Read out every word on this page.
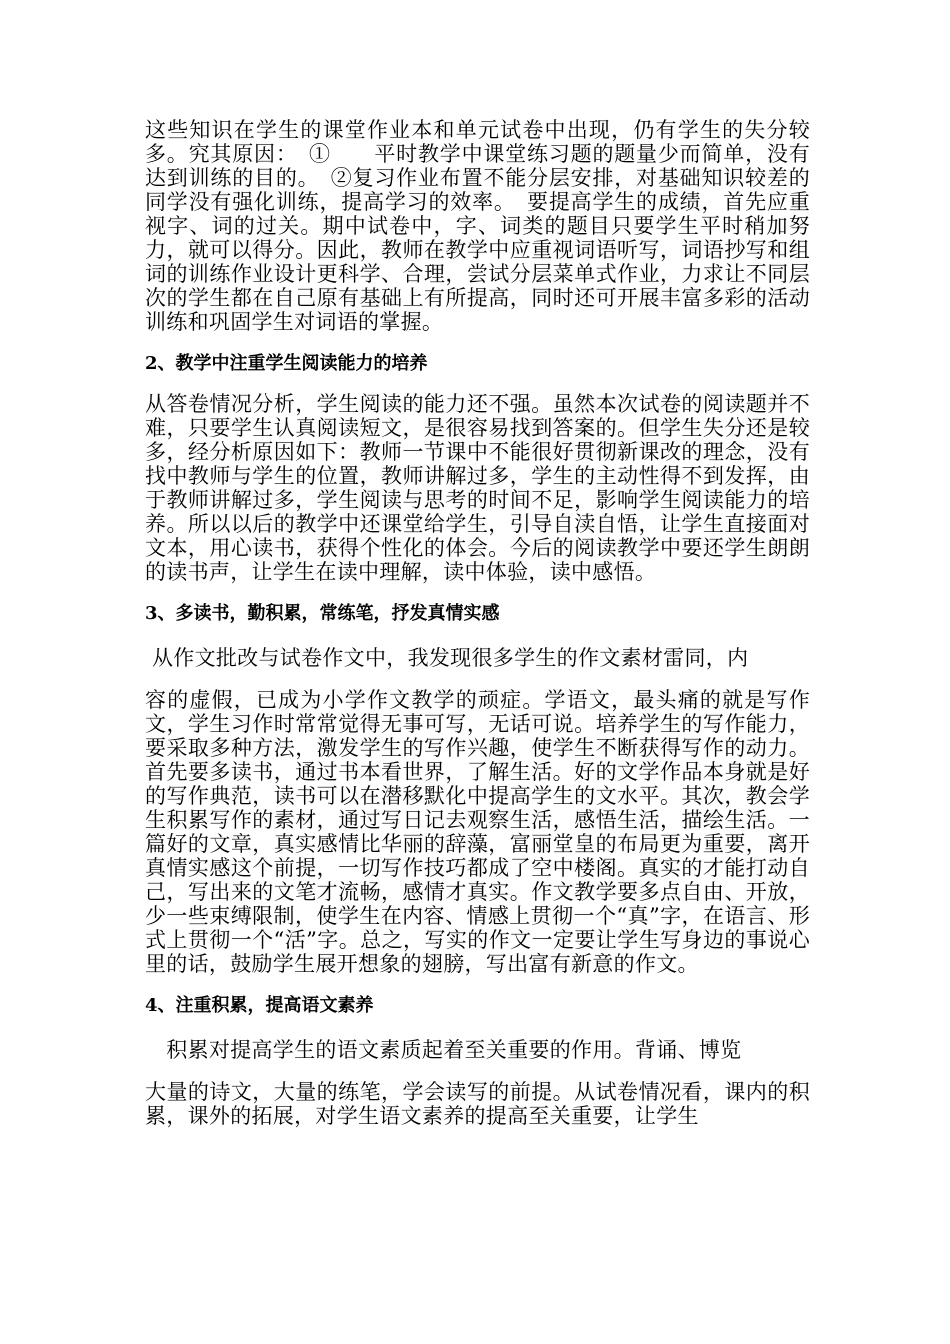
这些知识在学生的课堂作业本和单元试卷中出现，仍有学生的失分较多。究其原因：　①　　平时教学中课堂练习题的题量少而简单，没有达到训练的目的。　②复习作业布置不能分层安排，对基础知识较差的同学没有强化训练，提高学习的效率。　要提高学生的成绩，首先应重视字、词的过关。期中试卷中，字、词类的题目只要学生平时稍加努力，就可以得分。因此，教师在教学中应重视词语听写，词语抄写和组词的训练作业设计更科学、合理，尝试分层菜单式作业，力求让不同层次的学生都在自己原有基础上有所提高，同时还可开展丰富多彩的活动训练和巩固学生对词语的掌握。

2、教学中注重学生阅读能力的培养

从答卷情况分析，学生阅读的能力还不强。虽然本次试卷的阅读题并不难，只要学生认真阅读短文，是很容易找到答案的。但学生失分还是较多，经分析原因如下：教师一节课中不能很好贯彻新课改的理念，没有找中教师与学生的位置，教师讲解过多，学生的主动性得不到发挥，由于教师讲解过多，学生阅读与思考的时间不足，影响学生阅读能力的培养。所以以后的教学中还课堂给学生，引导自渎自悟，让学生直接面对文本，用心读书，获得个性化的体会。今后的阅读教学中要还学生朗朗的读书声，让学生在读中理解，读中体验，读中感悟。

3、多读书，勤积累，常练笔，抒发真情实感

从作文批改与试卷作文中，我发现很多学生的作文素材雷同，内

容的虚假，已成为小学作文教学的顽症。学语文，最头痛的就是写作文，学生习作时常常觉得无事可写，无话可说。培养学生的写作能力，要采取多种方法，激发学生的写作兴趣，使学生不断获得写作的动力。首先要多读书，通过书本看世界，了解生活。好的文学作品本身就是好的写作典范，读书可以在潜移默化中提高学生的文水平。其次，教会学生积累写作的素材，通过写日记去观察生活，感悟生活，描绘生活。一篇好的文章，真实感情比华丽的辞藻，富丽堂皇的布局更为重要，离开真情实感这个前提，一切写作技巧都成了空中楼阁。真实的才能打动自己，写出来的文笔才流畅，感情才真实。作文教学要多点自由、开放，少一些束缚限制，使学生在内容、情感上贯彻一个“真”字，在语言、形式上贯彻一个“活”字。总之，写实的作文一定要让学生写身边的事说心里的话，鼓励学生展开想象的翅膀，写出富有新意的作文。

4、注重积累，提高语文素养

　积累对提高学生的语文素质起着至关重要的作用。背诵、博览

大量的诗文，大量的练笔，学会读写的前提。从试卷情况看，课内的积累，课外的拓展，对学生语文素养的提高至关重要，让学生
